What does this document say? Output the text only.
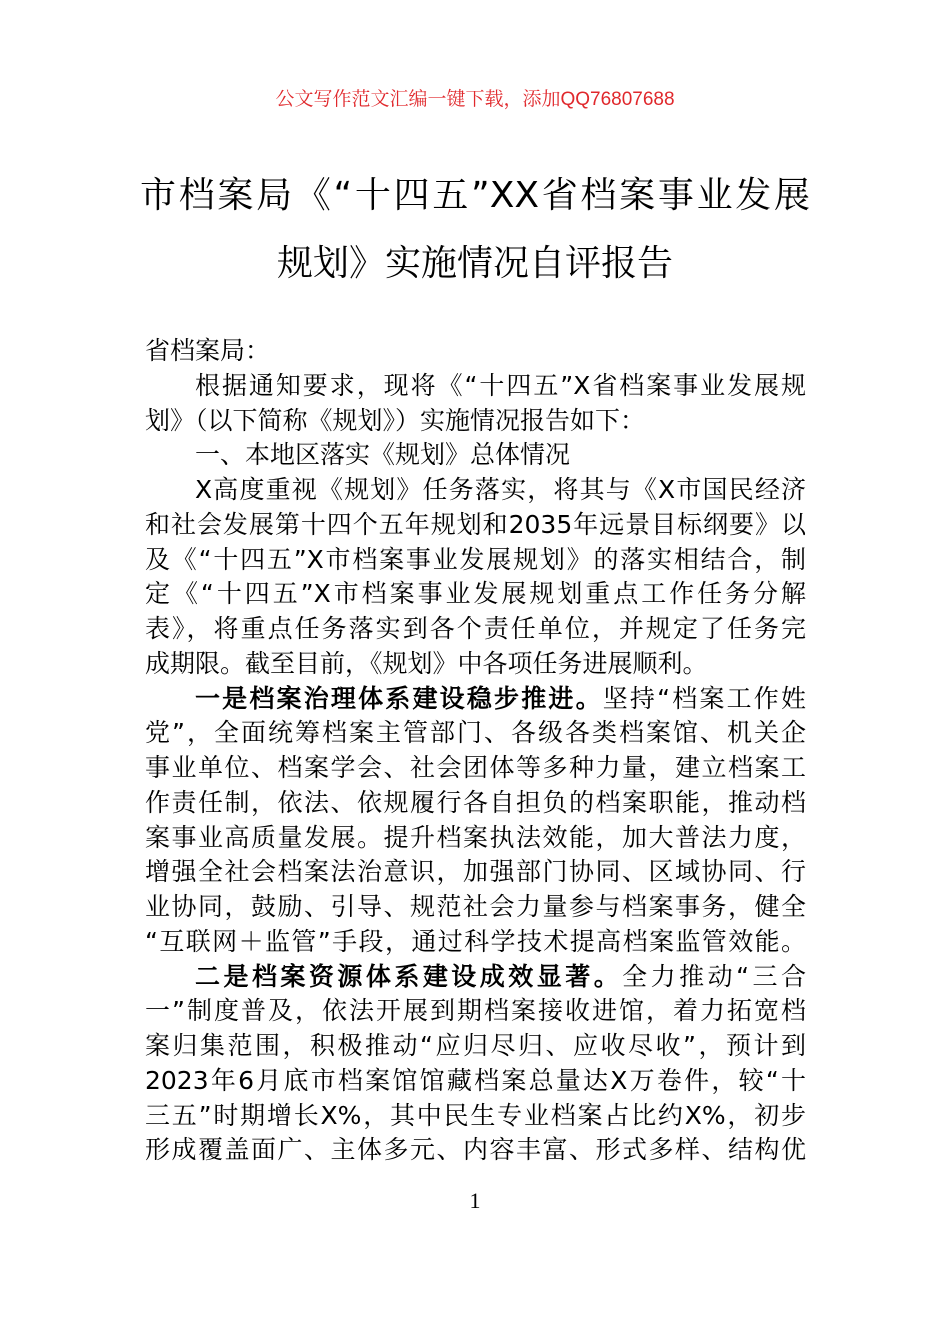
公文写作范文汇编一键下载，添加QQ76807688
市档案局《“十四五”XX省档案事业发展
规划》实施情况自评报告
省档案局：
根据通知要求，现将《“十四五”X省档案事业发展规
划》（以下简称《规划》）实施情况报告如下：
一、本地区落实《规划》总体情况
X高度重视《规划》任务落实，将其与《X市国民经济
和社会发展第十四个五年规划和2035年远景目标纲要》以
及《“十四五”X市档案事业发展规划》的落实相结合，制
定《“十四五”X市档案事业发展规划重点工作任务分解
表》，将重点任务落实到各个责任单位，并规定了任务完
成期限。截至目前，《规划》中各项任务进展顺利。
一是档案治理体系建设稳步推进。坚持“档案工作姓
党”，全面统筹档案主管部门、各级各类档案馆、机关企
事业单位、档案学会、社会团体等多种力量，建立档案工
作责任制，依法、依规履行各自担负的档案职能，推动档
案事业高质量发展。提升档案执法效能，加大普法力度，
增强全社会档案法治意识，加强部门协同、区域协同、行
业协同，鼓励、引导、规范社会力量参与档案事务，健全
“互联网＋监管”手段，通过科学技术提高档案监管效能。
二是档案资源体系建设成效显著。全力推动“三合
一”制度普及，依法开展到期档案接收进馆，着力拓宽档
案归集范围，积极推动“应归尽归、应收尽收”，预计到
2023年6月底市档案馆馆藏档案总量达X万卷件，较“十
三五”时期增长X%，其中民生专业档案占比约X%，初步
形成覆盖面广、主体多元、内容丰富、形式多样、结构优
1
